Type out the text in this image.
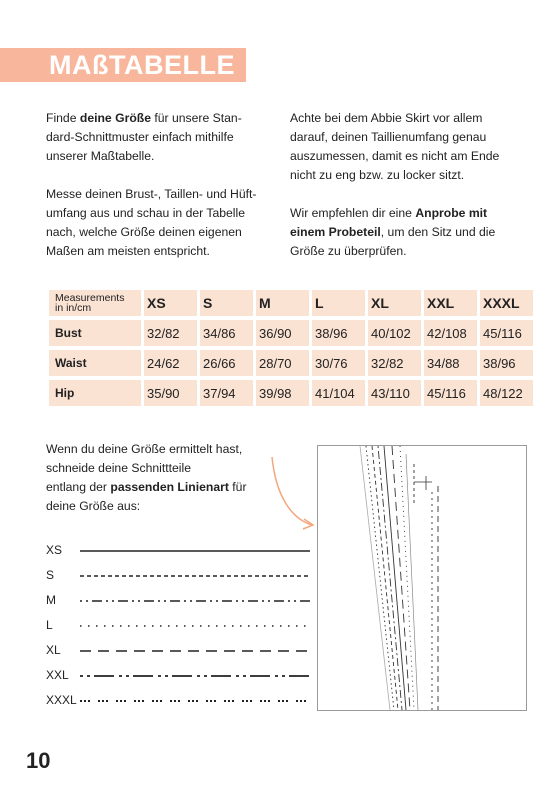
MAßTABELLE
Finde deine Größe für unsere Stan-
dard-Schnittmuster einfach mithilfe
unserer Maßtabelle.
Messe deinen Brust-, Taillen- und Hüft-
umfang aus und schau in der Tabelle
nach, welche Größe deinen eigenen
Maßen am meisten entspricht.
Achte bei dem Abbie Skirt vor allem
darauf, deinen Taillienumfang genau
auszumessen, damit es nicht am Ende
nicht zu eng bzw. zu locker sitzt.
Wir empfehlen dir eine Anprobe mit
einem Probeteil, um den Sitz und die
Größe zu überprüfen.
Measurements
in in/cm	XS	S	M	L	XL	XXL	XXXL
Bust	32/82	34/86	36/90	38/96	40/102	42/108	45/116
Waist	24/62	26/66	28/70	30/76	32/82	34/88	38/96
Hip	35/90	37/94	39/98	41/104	43/110	45/116	48/122
Wenn du deine Größe ermittelt hast,
schneide deine Schnittteile
entlang der passenden Linienart für
deine Größe aus:
XS
S
M
L
XL
XXL
XXXL
10
